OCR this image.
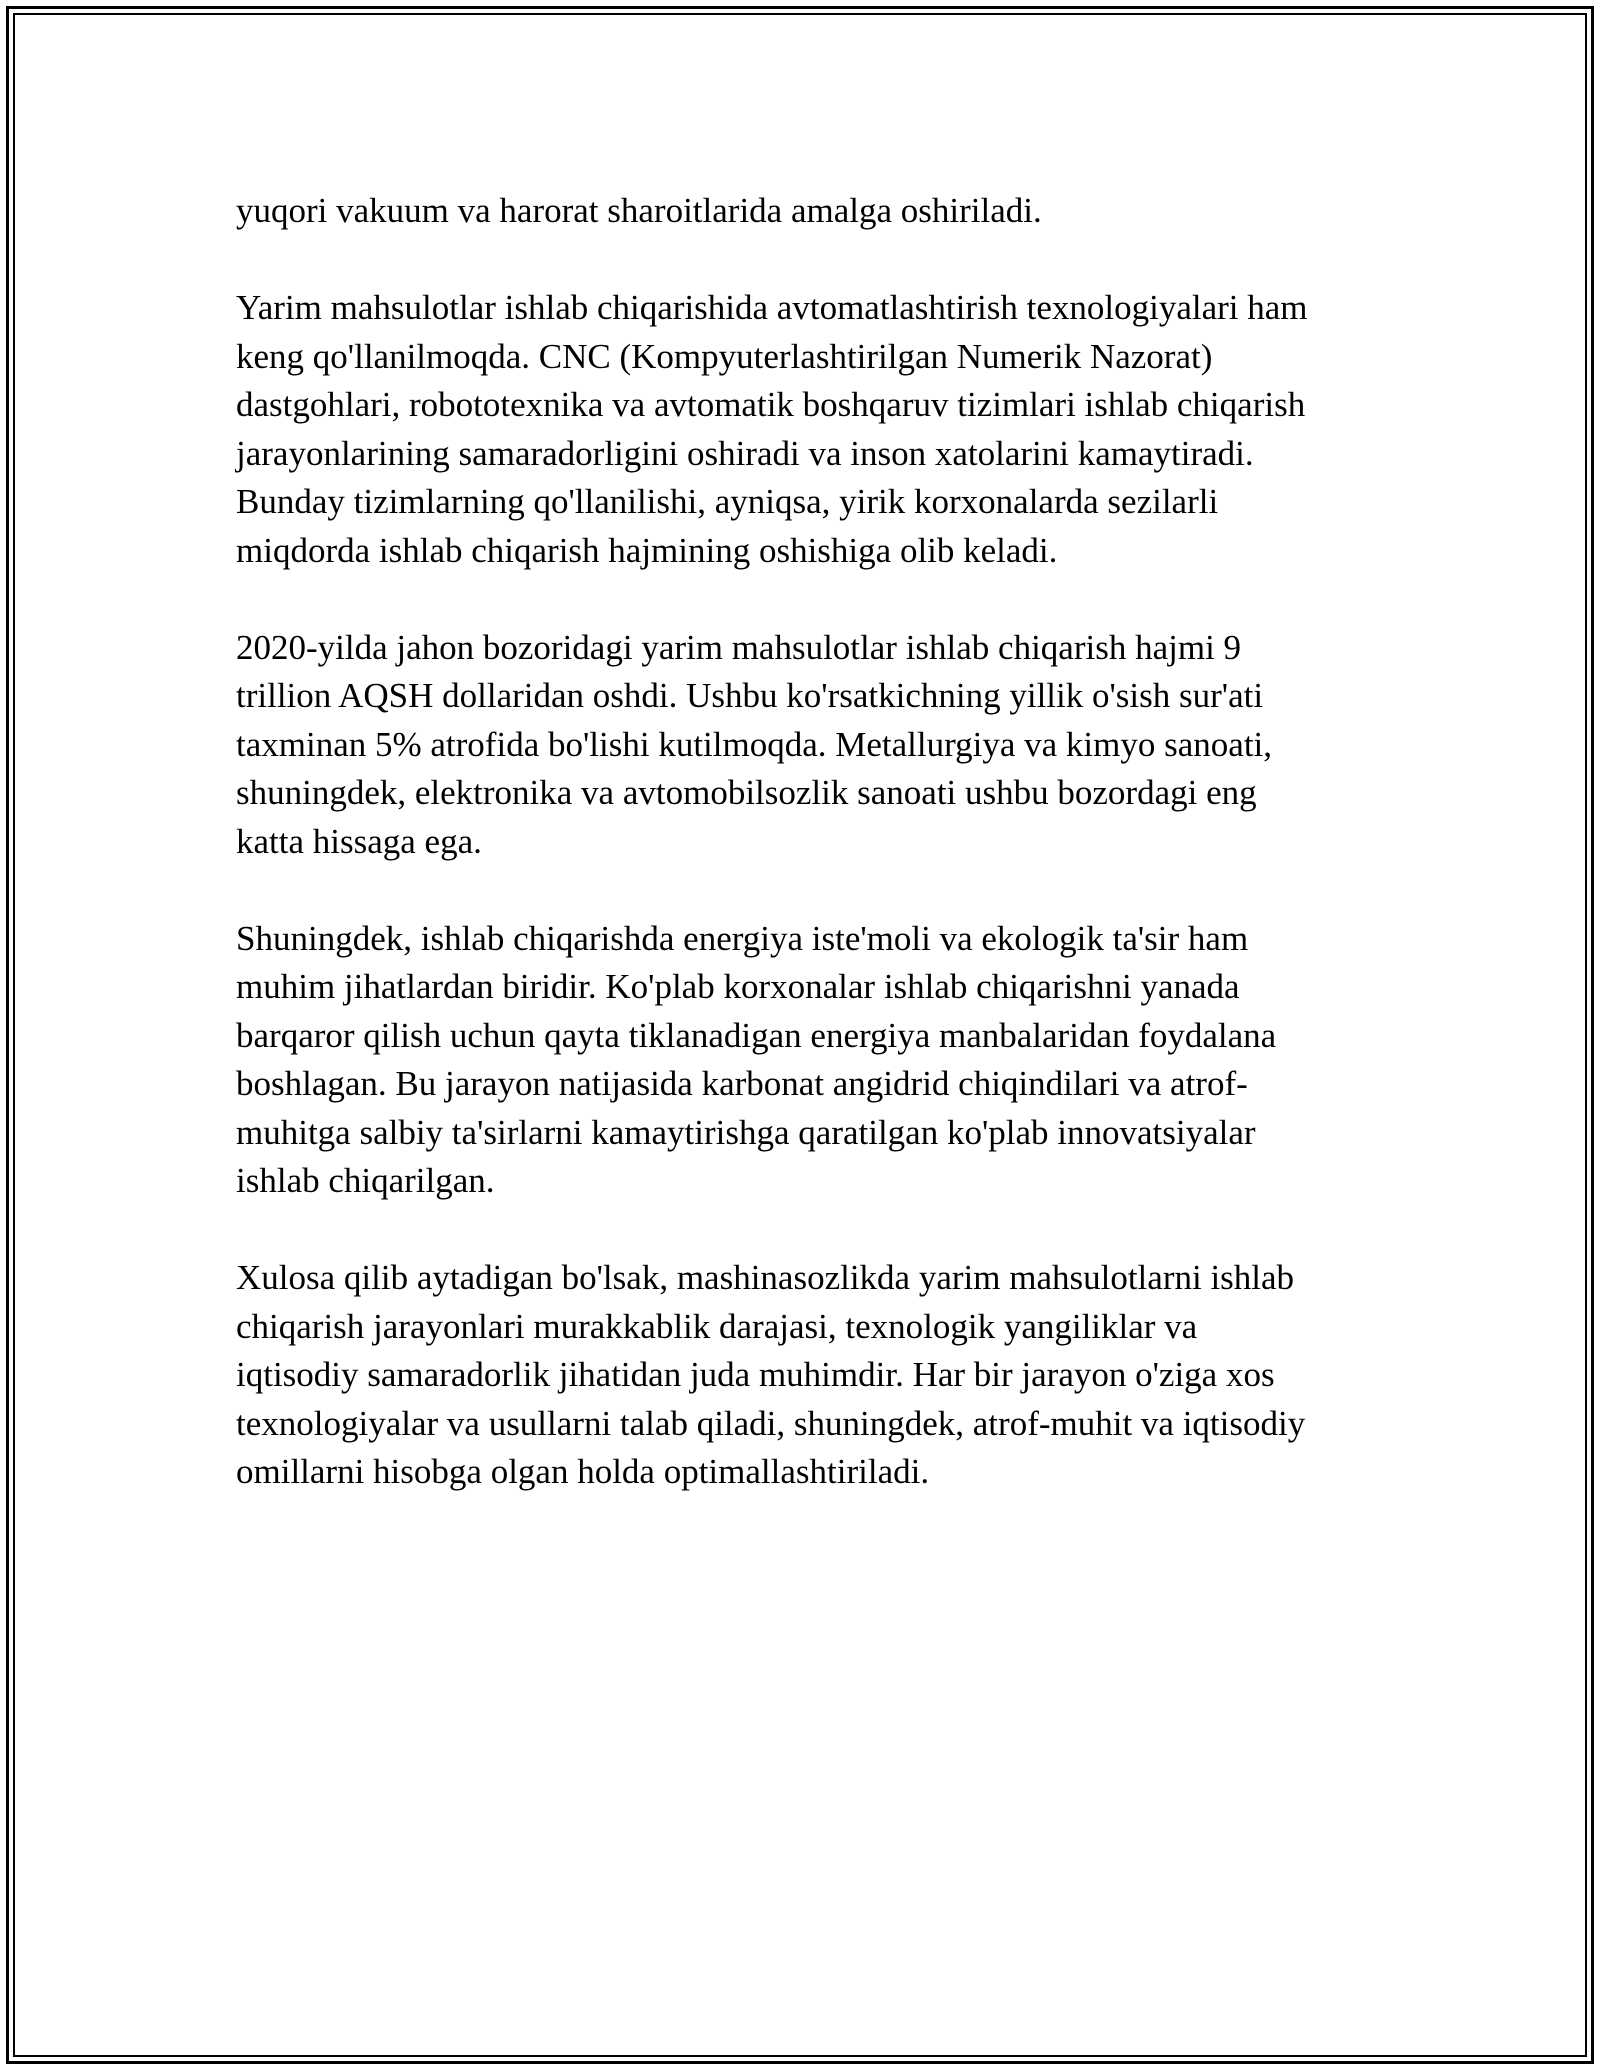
yuqori vakuum va harorat sharoitlarida amalga oshiriladi.

Yarim mahsulotlar ishlab chiqarishida avtomatlashtirish texnologiyalari ham
keng qo'llanilmoqda. CNC (Kompyuterlashtirilgan Numerik Nazorat)
dastgohlari, robototexnika va avtomatik boshqaruv tizimlari ishlab chiqarish
jarayonlarining samaradorligini oshiradi va inson xatolarini kamaytiradi.
Bunday tizimlarning qo'llanilishi, ayniqsa, yirik korxonalarda sezilarli
miqdorda ishlab chiqarish hajmining oshishiga olib keladi.

2020-yilda jahon bozoridagi yarim mahsulotlar ishlab chiqarish hajmi 9
trillion AQSH dollaridan oshdi. Ushbu ko'rsatkichning yillik o'sish sur'ati
taxminan 5% atrofida bo'lishi kutilmoqda. Metallurgiya va kimyo sanoati,
shuningdek, elektronika va avtomobilsozlik sanoati ushbu bozordagi eng
katta hissaga ega.

Shuningdek, ishlab chiqarishda energiya iste'moli va ekologik ta'sir ham
muhim jihatlardan biridir. Ko'plab korxonalar ishlab chiqarishni yanada
barqaror qilish uchun qayta tiklanadigan energiya manbalaridan foydalana
boshlagan. Bu jarayon natijasida karbonat angidrid chiqindilari va atrof-
muhitga salbiy ta'sirlarni kamaytirishga qaratilgan ko'plab innovatsiyalar
ishlab chiqarilgan.

Xulosa qilib aytadigan bo'lsak, mashinasozlikda yarim mahsulotlarni ishlab
chiqarish jarayonlari murakkablik darajasi, texnologik yangiliklar va
iqtisodiy samaradorlik jihatidan juda muhimdir. Har bir jarayon o'ziga xos
texnologiyalar va usullarni talab qiladi, shuningdek, atrof-muhit va iqtisodiy
omillarni hisobga olgan holda optimallashtiriladi.
